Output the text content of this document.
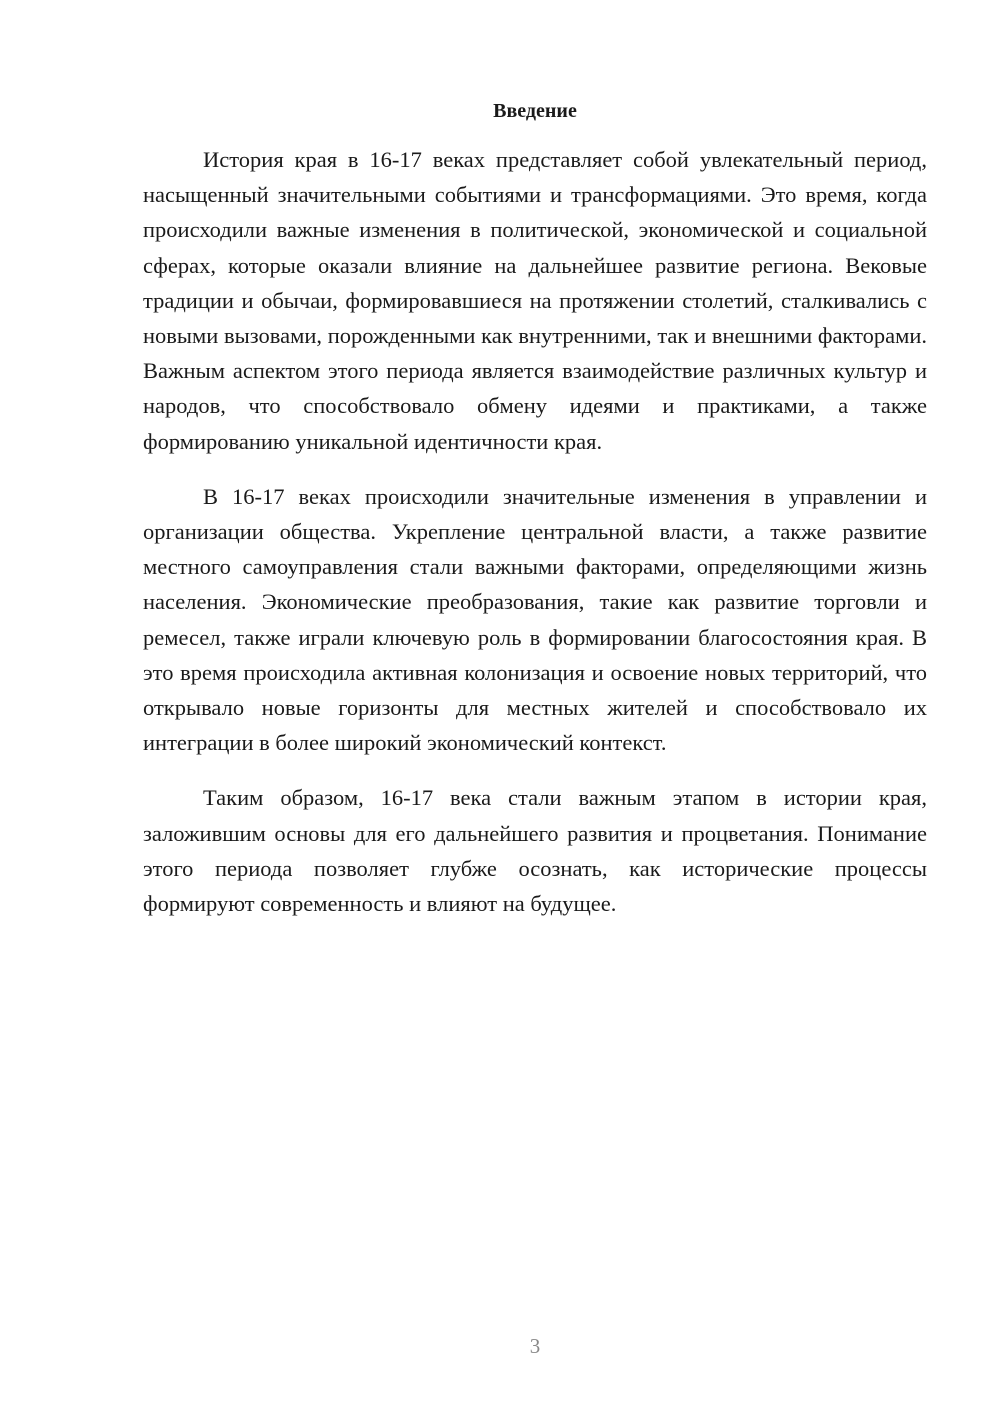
Введение

История края в 16-17 веках представляет собой увлекательный период, насыщенный значительными событиями и трансформациями. Это время, когда происходили важные изменения в политической, экономической и социальной сферах, которые оказали влияние на дальнейшее развитие региона. Вековые традиции и обычаи, формировавшиеся на протяжении столетий, сталкивались с новыми вызовами, порожденными как внутренними, так и внешними факторами. Важным аспектом этого периода является взаимодействие различных культур и народов, что способствовало обмену идеями и практиками, а также формированию уникальной идентичности края.

В 16-17 веках происходили значительные изменения в управлении и организации общества. Укрепление центральной власти, а также развитие местного самоуправления стали важными факторами, определяющими жизнь населения. Экономические преобразования, такие как развитие торговли и ремесел, также играли ключевую роль в формировании благосостояния края. В это время происходила активная колонизация и освоение новых территорий, что открывало новые горизонты для местных жителей и способствовало их интеграции в более широкий экономический контекст.

Таким образом, 16-17 века стали важным этапом в истории края, заложившим основы для его дальнейшего развития и процветания. Понимание этого периода позволяет глубже осознать, как исторические процессы формируют современность и влияют на будущее.

3
